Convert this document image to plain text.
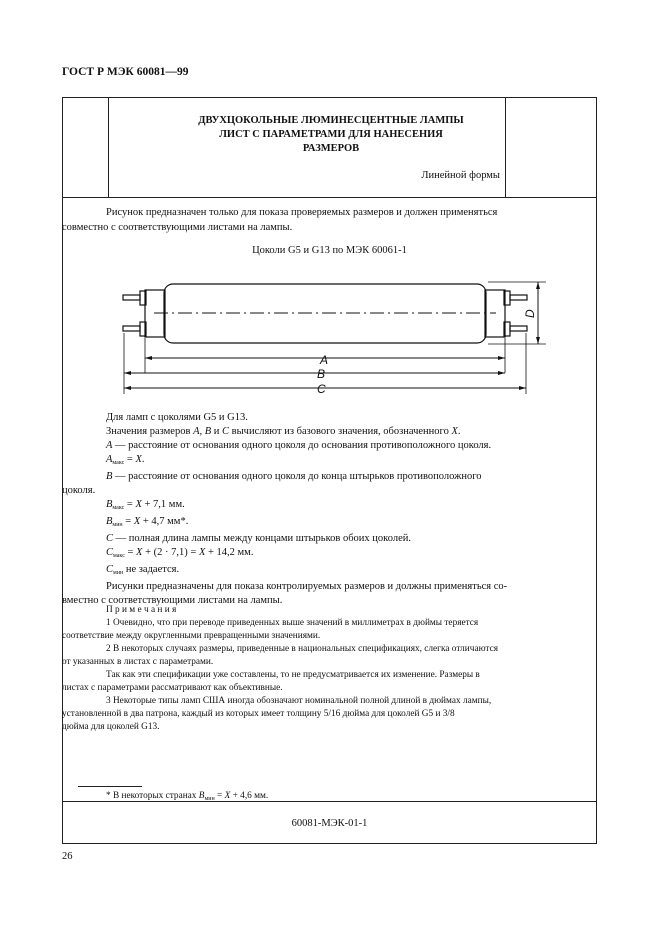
ГОСТ Р МЭК 60081—99
ДВУХЦОКОЛЬНЫЕ ЛЮМИНЕСЦЕНТНЫЕ ЛАМПЫ
ЛИСТ С ПАРАМЕТРАМИ ДЛЯ НАНЕСЕНИЯ
РАЗМЕРОВ
Линейной формы
Рисунок предназначен только для показа проверяемых размеров и должен применяться
совместно с соответствующими листами на лампы.
Цоколи G5 и G13 по МЭК 60061-1
A
B
C
D
Для ламп с цоколями G5 и G13.
Значения размеров A, B и C вычисляют из базового значения, обозначенного X.
A — расстояние от основания одного цоколя до основания противоположного цоколя.
$A_{макс} = X$.
B — расстояние от основания одного цоколя до конца штырьков противоположного
цоколя.
$B_{макс} = X + 7,1$ мм.
$B_{мин} = X + 4,7$ мм*.
C — полная длина лампы между концами штырьков обоих цоколей.
$C_{макс} = X + (2 \cdot 7,1) = X + 14,2$ мм.
$C_{мин}$ не задается.
Рисунки предназначены для показа контролируемых размеров и должны применяться со-
вместно с соответствующими листами на лампы.
П р и м е ч а н и я
1 Очевидно, что при переводе приведенных выше значений в миллиметрах в дюймы теряется
соответствие между округленными превращенными значениями.
2 В некоторых случаях размеры, приведенные в национальных спецификациях, слегка отличаются
от указанных в листах с параметрами.
Так как эти спецификации уже составлены, то не предусматривается их изменение. Размеры в
листах с параметрами рассматривают как объективные.
3 Некоторые типы ламп США иногда обозначают номинальной полной длиной в дюймах лампы,
установленной в два патрона, каждый из которых имеет толщину 5/16 дюйма для цоколей G5 и 3/8
дюйма для цоколей G13.
* В некоторых странах $B_{мин} = X + 4,6$ мм.
60081-МЭК-01-1
26
